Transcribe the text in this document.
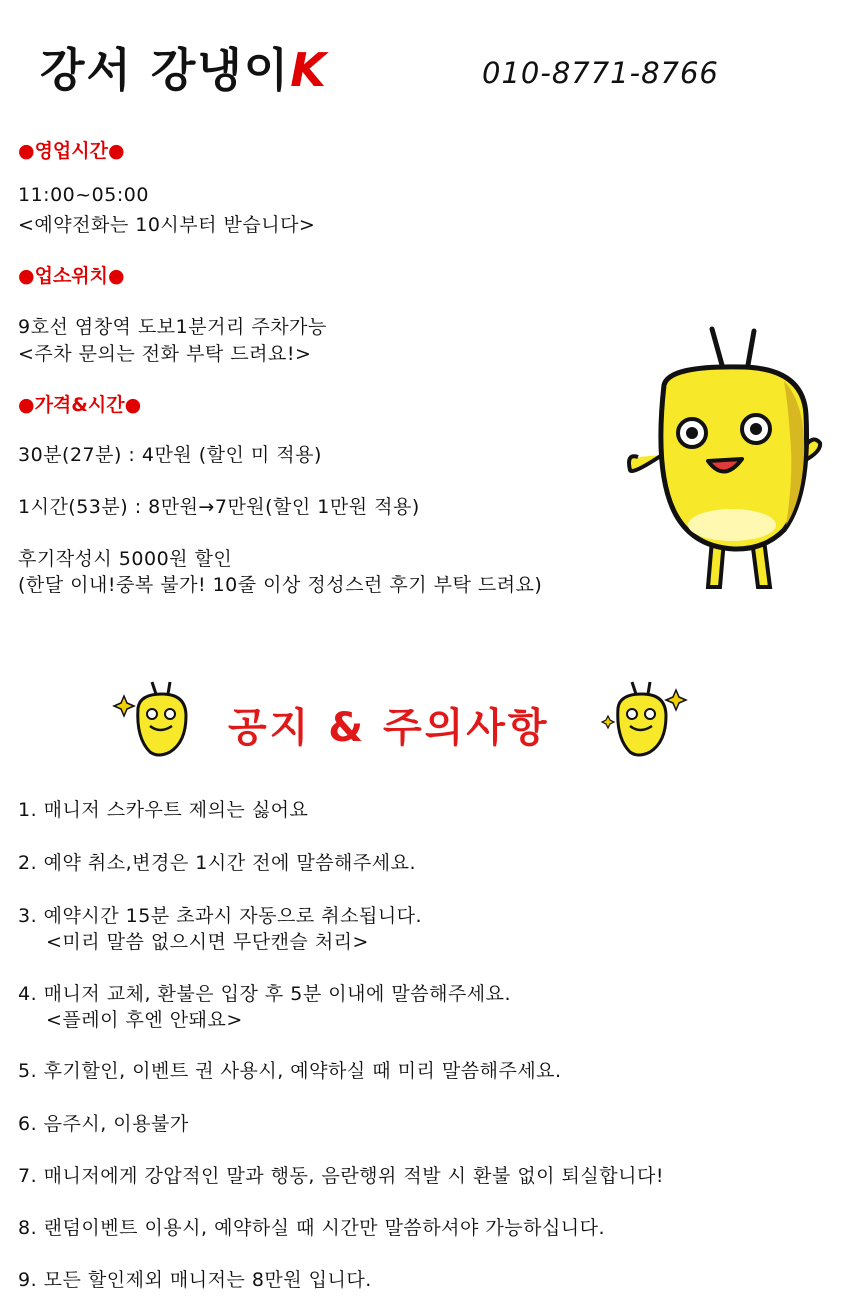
강서 강냉이K	010-8771-8766
●영업시간●
11:00~05:00
<예약전화는 10시부터 받습니다>
●업소위치●
9호선 염창역 도보1분거리 주차가능
<주차 문의는 전화 부탁 드려요!>
●가격&시간●
30분(27분) : 4만원 (할인 미 적용)
1시간(53분) : 8만원→7만원(할인 1만원 적용)
후기작성시 5000원 할인
(한달 이내!중복 불가! 10줄 이상 정성스런 후기 부탁 드려요)
공지 & 주의사항
1. 매니저 스카우트 제의는 싫어요
2. 예약 취소,변경은 1시간 전에 말씀해주세요.
3. 예약시간 15분 초과시 자동으로 취소됩니다.
<미리 말씀 없으시면 무단캔슬 처리>
4. 매니저 교체, 환불은 입장 후 5분 이내에 말씀해주세요.
<플레이 후엔 안돼요>
5. 후기할인, 이벤트 권 사용시, 예약하실 때 미리 말씀해주세요.
6. 음주시, 이용불가
7. 매니저에게 강압적인 말과 행동, 음란행위 적발 시 환불 없이 퇴실합니다!
8. 랜덤이벤트 이용시, 예약하실 때 시간만 말씀하셔야 가능하십니다.
9. 모든 할인제외 매니저는 8만원 입니다.
